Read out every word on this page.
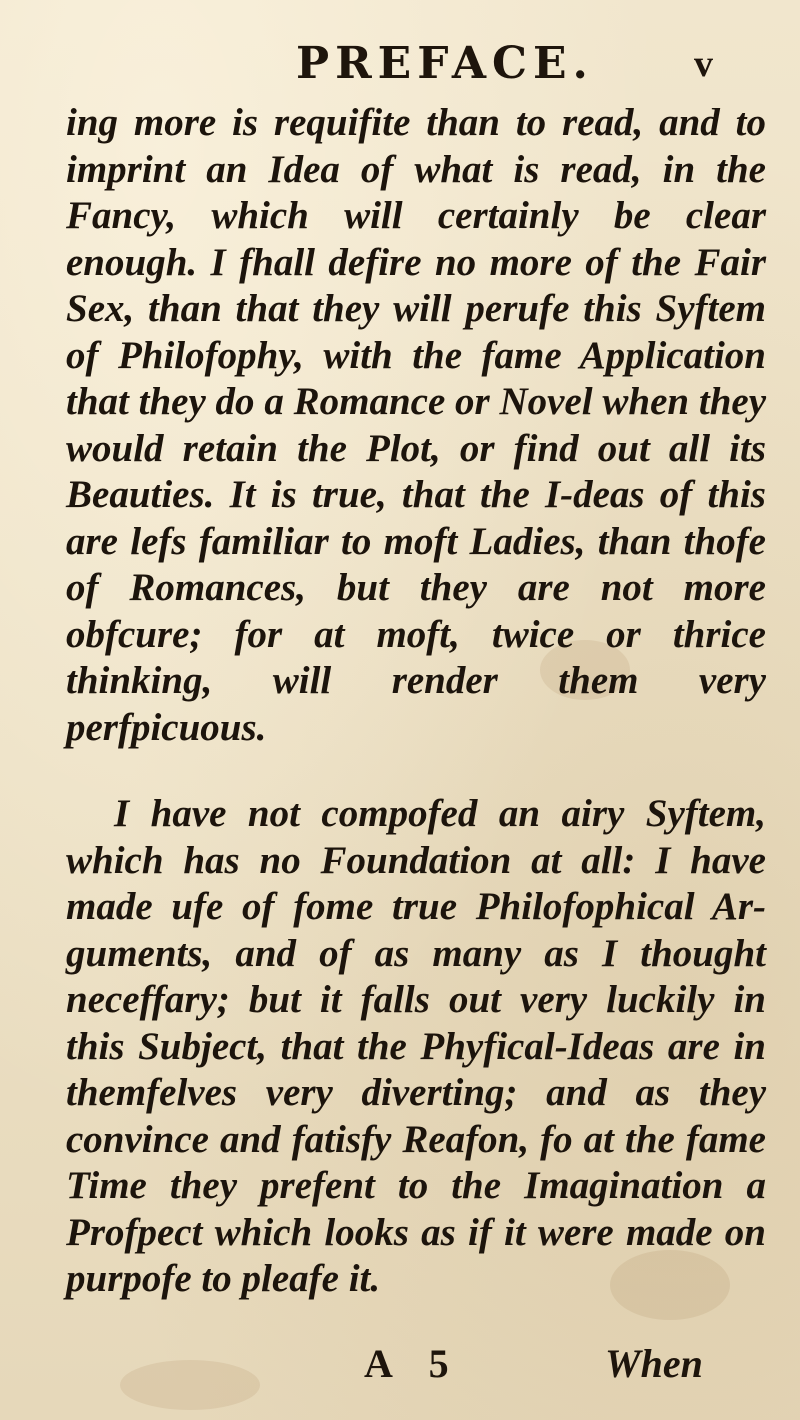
PREFACE.	v

ing more is requifite than to read, and to imprint an Idea of what is read, in the Fancy, which will certainly be clear enough. I fhall defire no more of the Fair Sex, than that they will perufe this Syftem of Philofophy, with the fame Application that they do a Romance or Novel when they would retain the Plot, or find out all its Beauties. It is true, that the I-deas of this are lefs familiar to moft Ladies, than thofe of Romances, but they are not more obfcure; for at moft, twice or thrice thinking, will render them very perfpicuous.

I have not compofed an airy Syftem, which has no Foundation at all: I have made ufe of fome true Philofophical Ar-guments, and of as many as I thought neceffary; but it falls out very luckily in this Subject, that the Phyfical-Ideas are in themfelves very diverting; and as they convince and fatisfy Reafon, fo at the fame Time they prefent to the Imagination a Profpect which looks as if it were made on purpofe to pleafe it.

A 5	When
